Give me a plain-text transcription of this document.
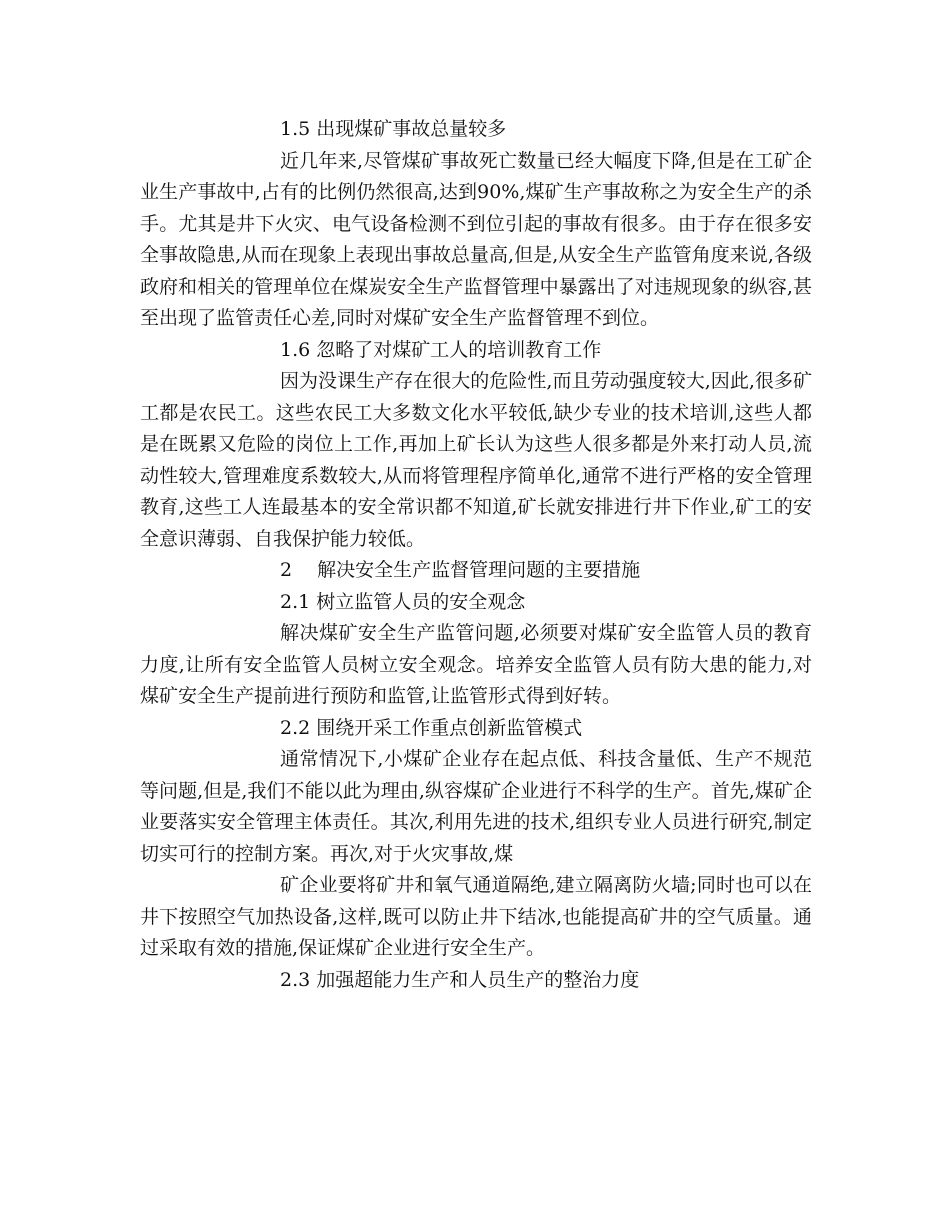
1.5 出现煤矿事故总量较多

近几年来,尽管煤矿事故死亡数量已经大幅度下降,但是在工矿企业生产事故中,占有的比例仍然很高,达到90%,煤矿生产事故称之为安全生产的杀手。尤其是井下火灾、电气设备检测不到位引起的事故有很多。由于存在很多安全事故隐患,从而在现象上表现出事故总量高,但是,从安全生产监管角度来说,各级政府和相关的管理单位在煤炭安全生产监督管理中暴露出了对违规现象的纵容,甚至出现了监管责任心差,同时对煤矿安全生产监督管理不到位。

1.6 忽略了对煤矿工人的培训教育工作

因为没课生产存在很大的危险性,而且劳动强度较大,因此,很多矿工都是农民工。这些农民工大多数文化水平较低,缺少专业的技术培训,这些人都是在既累又危险的岗位上工作,再加上矿长认为这些人很多都是外来打动人员,流动性较大,管理难度系数较大,从而将管理程序简单化,通常不进行严格的安全管理教育,这些工人连最基本的安全常识都不知道,矿长就安排进行井下作业,矿工的安全意识薄弱、自我保护能力较低。

2　 解决安全生产监督管理问题的主要措施

2.1 树立监管人员的安全观念

解决煤矿安全生产监管问题,必须要对煤矿安全监管人员的教育力度,让所有安全监管人员树立安全观念。培养安全监管人员有防大患的能力,对煤矿安全生产提前进行预防和监管,让监管形式得到好转。

2.2 围绕开采工作重点创新监管模式

通常情况下,小煤矿企业存在起点低、科技含量低、生产不规范等问题,但是,我们不能以此为理由,纵容煤矿企业进行不科学的生产。首先,煤矿企业要落实安全管理主体责任。其次,利用先进的技术,组织专业人员进行研究,制定切实可行的控制方案。再次,对于火灾事故,煤

矿企业要将矿井和氧气通道隔绝,建立隔离防火墙;同时也可以在井下按照空气加热设备,这样,既可以防止井下结冰,也能提高矿井的空气质量。通过采取有效的措施,保证煤矿企业进行安全生产。

2.3 加强超能力生产和人员生产的整治力度
